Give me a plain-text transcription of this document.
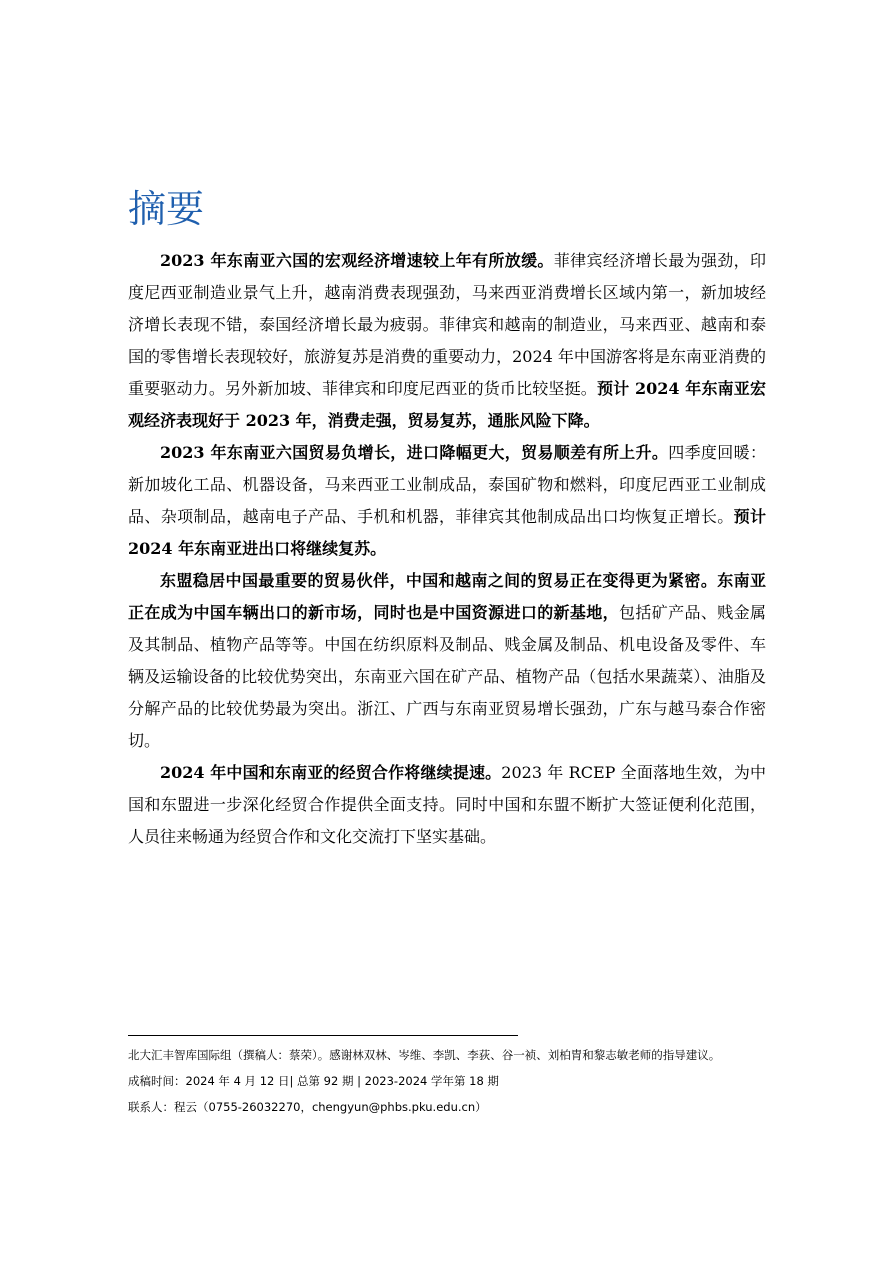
摘要

2023 年东南亚六国的宏观经济增速较上年有所放缓。菲律宾经济增长最为强劲，印度尼西亚制造业景气上升，越南消费表现强劲，马来西亚消费增长区域内第一，新加坡经济增长表现不错，泰国经济增长最为疲弱。菲律宾和越南的制造业，马来西亚、越南和泰国的零售增长表现较好，旅游复苏是消费的重要动力，2024 年中国游客将是东南亚消费的重要驱动力。另外新加坡、菲律宾和印度尼西亚的货币比较坚挺。预计 2024 年东南亚宏观经济表现好于 2023 年，消费走强，贸易复苏，通胀风险下降。

2023 年东南亚六国贸易负增长，进口降幅更大，贸易顺差有所上升。四季度回暖：新加坡化工品、机器设备，马来西亚工业制成品，泰国矿物和燃料，印度尼西亚工业制成品、杂项制品，越南电子产品、手机和机器，菲律宾其他制成品出口均恢复正增长。预计 2024 年东南亚进出口将继续复苏。

东盟稳居中国最重要的贸易伙伴，中国和越南之间的贸易正在变得更为紧密。东南亚正在成为中国车辆出口的新市场，同时也是中国资源进口的新基地，包括矿产品、贱金属及其制品、植物产品等等。中国在纺织原料及制品、贱金属及制品、机电设备及零件、车辆及运输设备的比较优势突出，东南亚六国在矿产品、植物产品（包括水果蔬菜）、油脂及分解产品的比较优势最为突出。浙江、广西与东南亚贸易增长强劲，广东与越马泰合作密切。

2024 年中国和东南亚的经贸合作将继续提速。2023 年 RCEP 全面落地生效，为中国和东盟进一步深化经贸合作提供全面支持。同时中国和东盟不断扩大签证便利化范围，人员往来畅通为经贸合作和文化交流打下坚实基础。

北大汇丰智库国际组（撰稿人：蔡荣）。感谢林双林、岑维、李凯、李荻、谷一祯、刘柏胄和黎志敏老师的指导建议。

成稿时间：2024 年 4 月 12 日| 总第 92 期 | 2023-2024 学年第 18 期

联系人：程云（0755-26032270，chengyun@phbs.pku.edu.cn）
